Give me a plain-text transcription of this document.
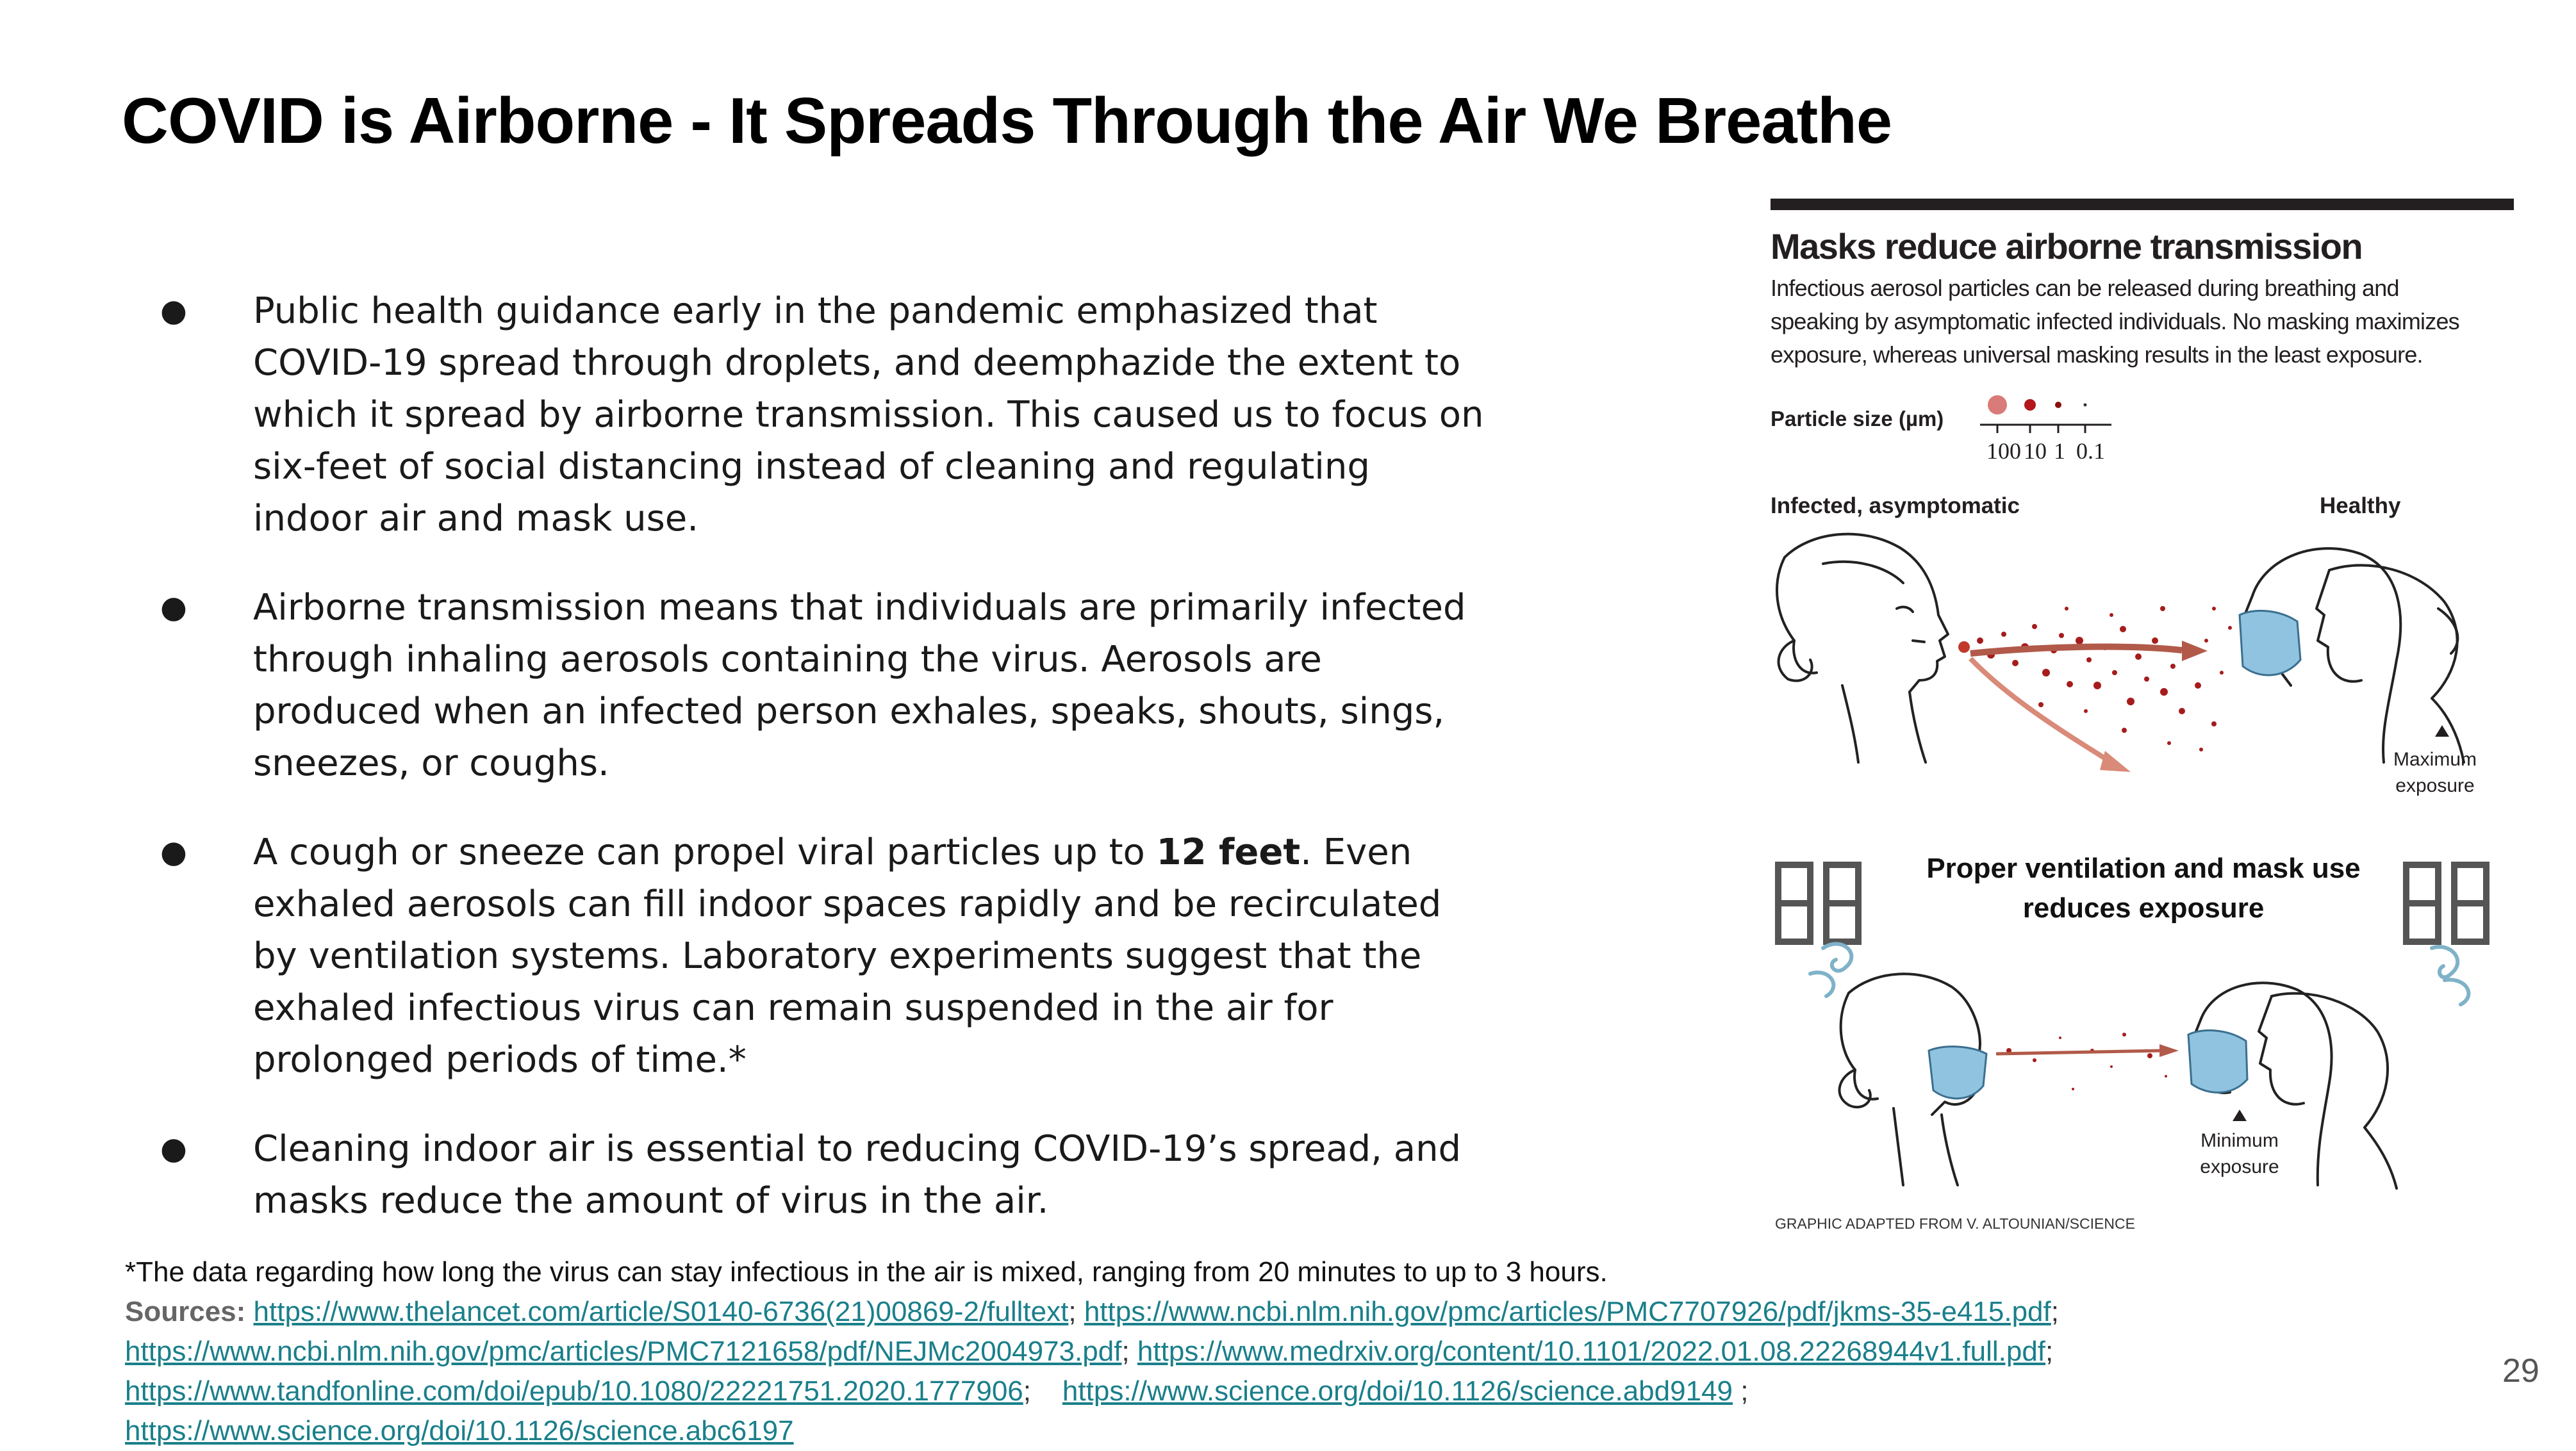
COVID is Airborne - It Spreads Through the Air We Breathe
● Public health guidance early in the pandemic emphasized that COVID-19 spread through droplets, and deemphazide the extent to which it spread by airborne transmission. This caused us to focus on six-feet of social distancing instead of cleaning and regulating indoor air and mask use.
● Airborne transmission means that individuals are primarily infected through inhaling aerosols containing the virus. Aerosols are produced when an infected person exhales, speaks, shouts, sings, sneezes, or coughs.
● A cough or sneeze can propel viral particles up to 12 feet. Even exhaled aerosols can fill indoor spaces rapidly and be recirculated by ventilation systems. Laboratory experiments suggest that the exhaled infectious virus can remain suspended in the air for prolonged periods of time.*
● Cleaning indoor air is essential to reducing COVID-19’s spread, and masks reduce the amount of virus in the air.
Masks reduce airborne transmission
Infectious aerosol particles can be released during breathing and speaking by asymptomatic infected individuals. No masking maximizes exposure, whereas universal masking results in the least exposure.
Particle size (µm)
100 10 1 0.1
Infected, asymptomatic	Healthy
Maximum exposure
Proper ventilation and mask use reduces exposure
Minimum exposure
GRAPHIC ADAPTED FROM V. ALTOUNIAN/SCIENCE
*The data regarding how long the virus can stay infectious in the air is mixed, ranging from 20 minutes to up to 3 hours.
Sources: https://www.thelancet.com/article/S0140-6736(21)00869-2/fulltext; https://www.ncbi.nlm.nih.gov/pmc/articles/PMC7707926/pdf/jkms-35-e415.pdf;
https://www.ncbi.nlm.nih.gov/pmc/articles/PMC7121658/pdf/NEJMc2004973.pdf; https://www.medrxiv.org/content/10.1101/2022.01.08.22268944v1.full.pdf;
https://www.tandfonline.com/doi/epub/10.1080/22221751.2020.1777906; https://www.science.org/doi/10.1126/science.abd9149 ;
https://www.science.org/doi/10.1126/science.abc6197
29
